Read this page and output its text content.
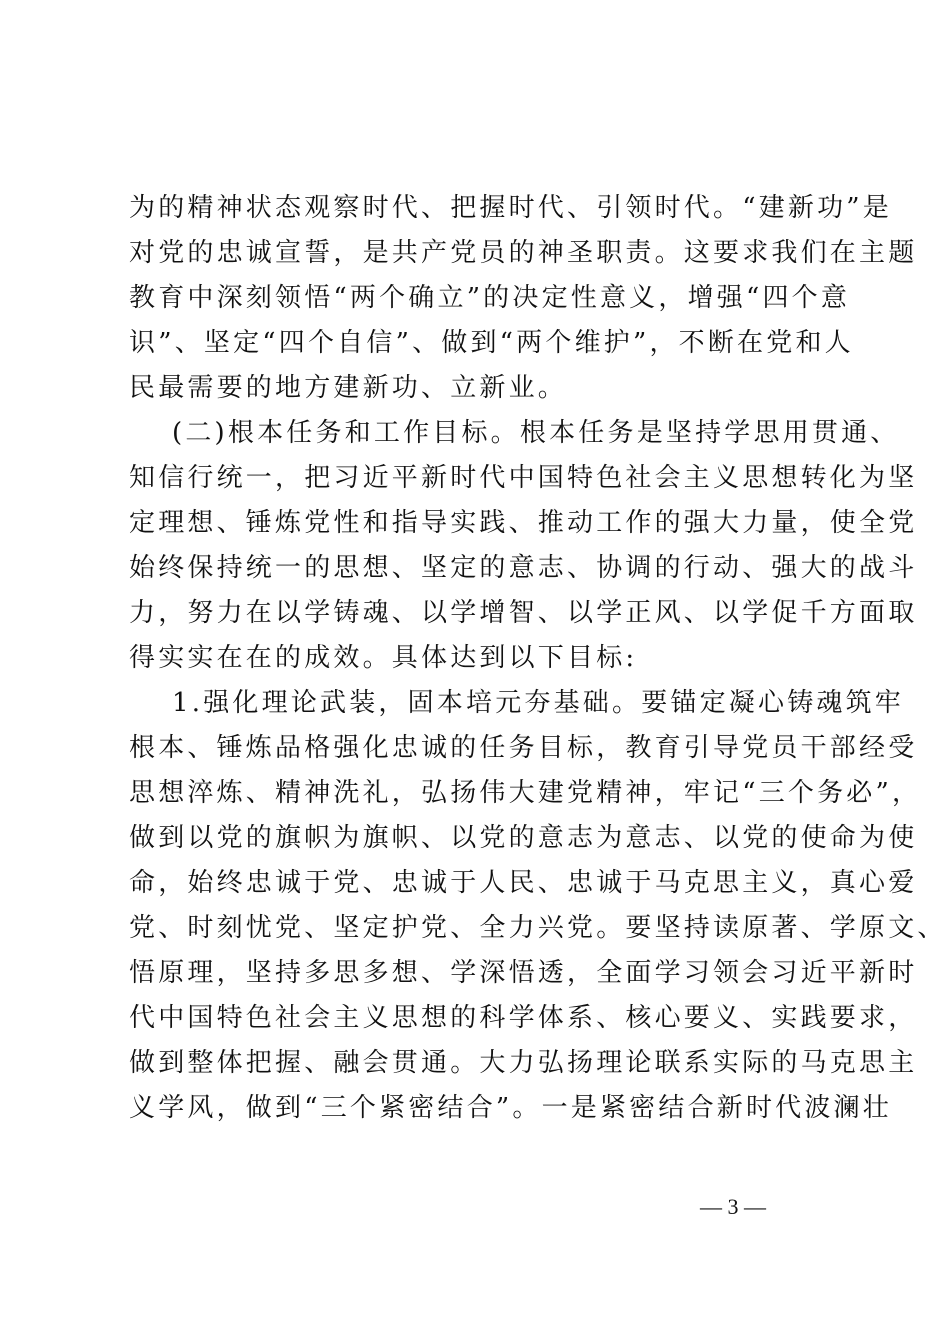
为的精神状态观察时代、把握时代、引领时代。“建新功”是
对党的忠诚宣誓，是共产党员的神圣职责。这要求我们在主题
教育中深刻领悟“两个确立”的决定性意义，增强“四个意
识”、坚定“四个自信”、做到“两个维护”，不断在党和人
民最需要的地方建新功、立新业。
(二)根本任务和工作目标。根本任务是坚持学思用贯通、
知信行统一，把习近平新时代中国特色社会主义思想转化为坚
定理想、锤炼党性和指导实践、推动工作的强大力量，使全党
始终保持统一的思想、坚定的意志、协调的行动、强大的战斗
力，努力在以学铸魂、以学增智、以学正风、以学促千方面取
得实实在在的成效。具体达到以下目标:
1.强化理论武装，固本培元夯基础。要锚定凝心铸魂筑牢
根本、锤炼品格强化忠诚的任务目标，教育引导党员干部经受
思想淬炼、精神洗礼，弘扬伟大建党精神，牢记“三个务必”，
做到以党的旗帜为旗帜、以党的意志为意志、以党的使命为使
命，始终忠诚于党、忠诚于人民、忠诚于马克思主义，真心爱
党、时刻忧党、坚定护党、全力兴党。要坚持读原著、学原文、
悟原理，坚持多思多想、学深悟透，全面学习领会习近平新时
代中国特色社会主义思想的科学体系、核心要义、实践要求，
做到整体把握、融会贯通。大力弘扬理论联系实际的马克思主
义学风，做到“三个紧密结合”。一是紧密结合新时代波澜壮
— 3 —
